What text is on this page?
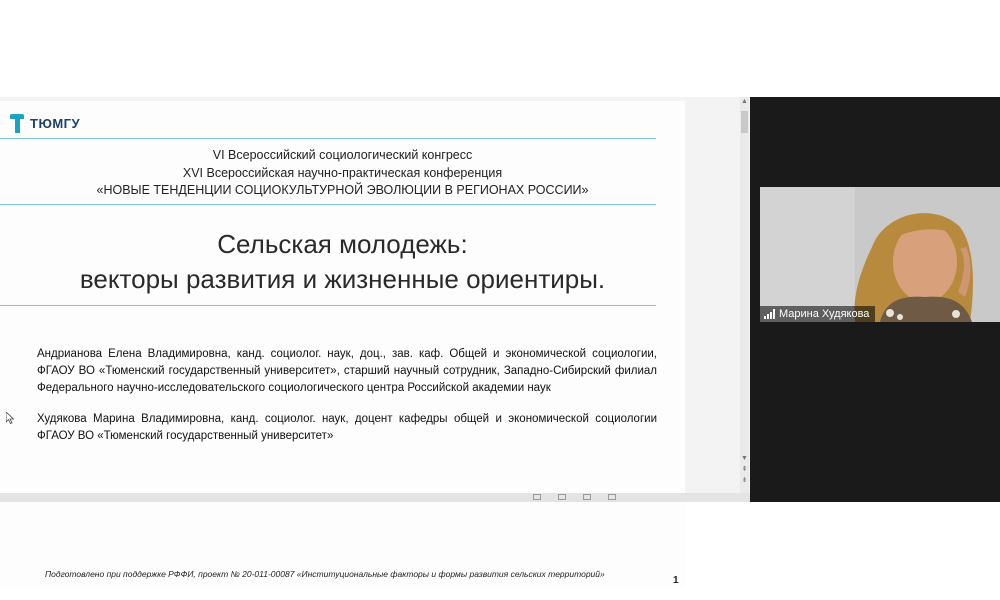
ТЮМГУ
VI Всероссийский социологический конгресс
XVI Всероссийская научно-практическая конференция
«НОВЫЕ ТЕНДЕНЦИИ СОЦИОКУЛЬТУРНОЙ ЭВОЛЮЦИИ В РЕГИОНАХ РОССИИ»
Сельская молодежь:
векторы развития и жизненные ориентиры.
Андрианова Елена Владимировна, канд. социолог. наук, доц., зав. каф. Общей и экономической социологии, ФГАОУ ВО «Тюменский государственный университет», старший научный сотрудник, Западно-Сибирский филиал Федерального научно-исследовательского социологического центра Российской академии наук
Худякова Марина Владимировна, канд. социолог. наук, доцент кафедры общей и экономической социологии ФГАОУ ВО «Тюменский государственный университет»
Подготовлено при поддержке РФФИ, проект № 20-011-00087 «Институциональные факторы и формы развития сельских территорий»
1
▲
▼
⇞
⇟
Марина Худякова
